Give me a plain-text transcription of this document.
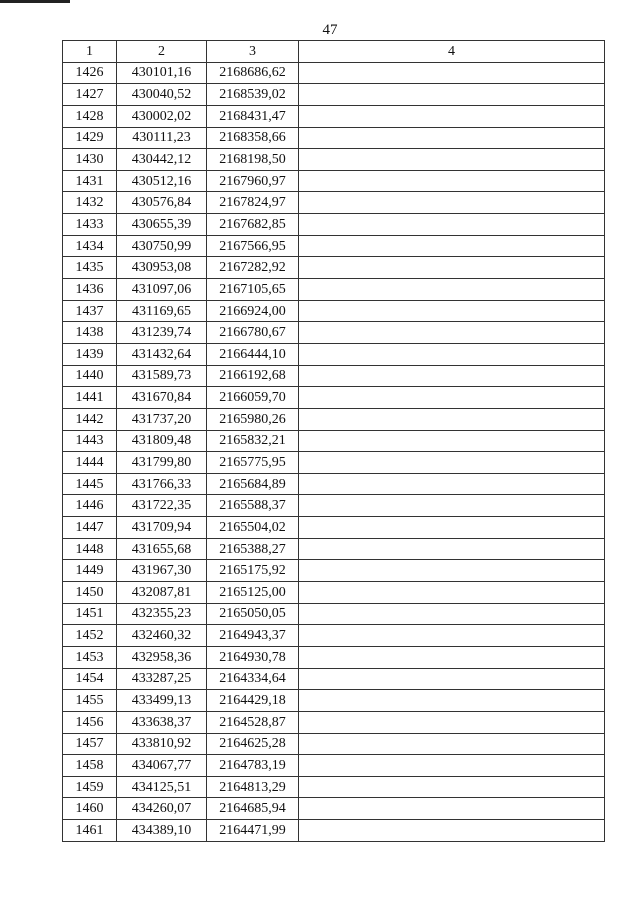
47
1	2	3	4
1426	430101,16	2168686,62	
1427	430040,52	2168539,02	
1428	430002,02	2168431,47	
1429	430111,23	2168358,66	
1430	430442,12	2168198,50	
1431	430512,16	2167960,97	
1432	430576,84	2167824,97	
1433	430655,39	2167682,85	
1434	430750,99	2167566,95	
1435	430953,08	2167282,92	
1436	431097,06	2167105,65	
1437	431169,65	2166924,00	
1438	431239,74	2166780,67	
1439	431432,64	2166444,10	
1440	431589,73	2166192,68	
1441	431670,84	2166059,70	
1442	431737,20	2165980,26	
1443	431809,48	2165832,21	
1444	431799,80	2165775,95	
1445	431766,33	2165684,89	
1446	431722,35	2165588,37	
1447	431709,94	2165504,02	
1448	431655,68	2165388,27	
1449	431967,30	2165175,92	
1450	432087,81	2165125,00	
1451	432355,23	2165050,05	
1452	432460,32	2164943,37	
1453	432958,36	2164930,78	
1454	433287,25	2164334,64	
1455	433499,13	2164429,18	
1456	433638,37	2164528,87	
1457	433810,92	2164625,28	
1458	434067,77	2164783,19	
1459	434125,51	2164813,29	
1460	434260,07	2164685,94	
1461	434389,10	2164471,99	
